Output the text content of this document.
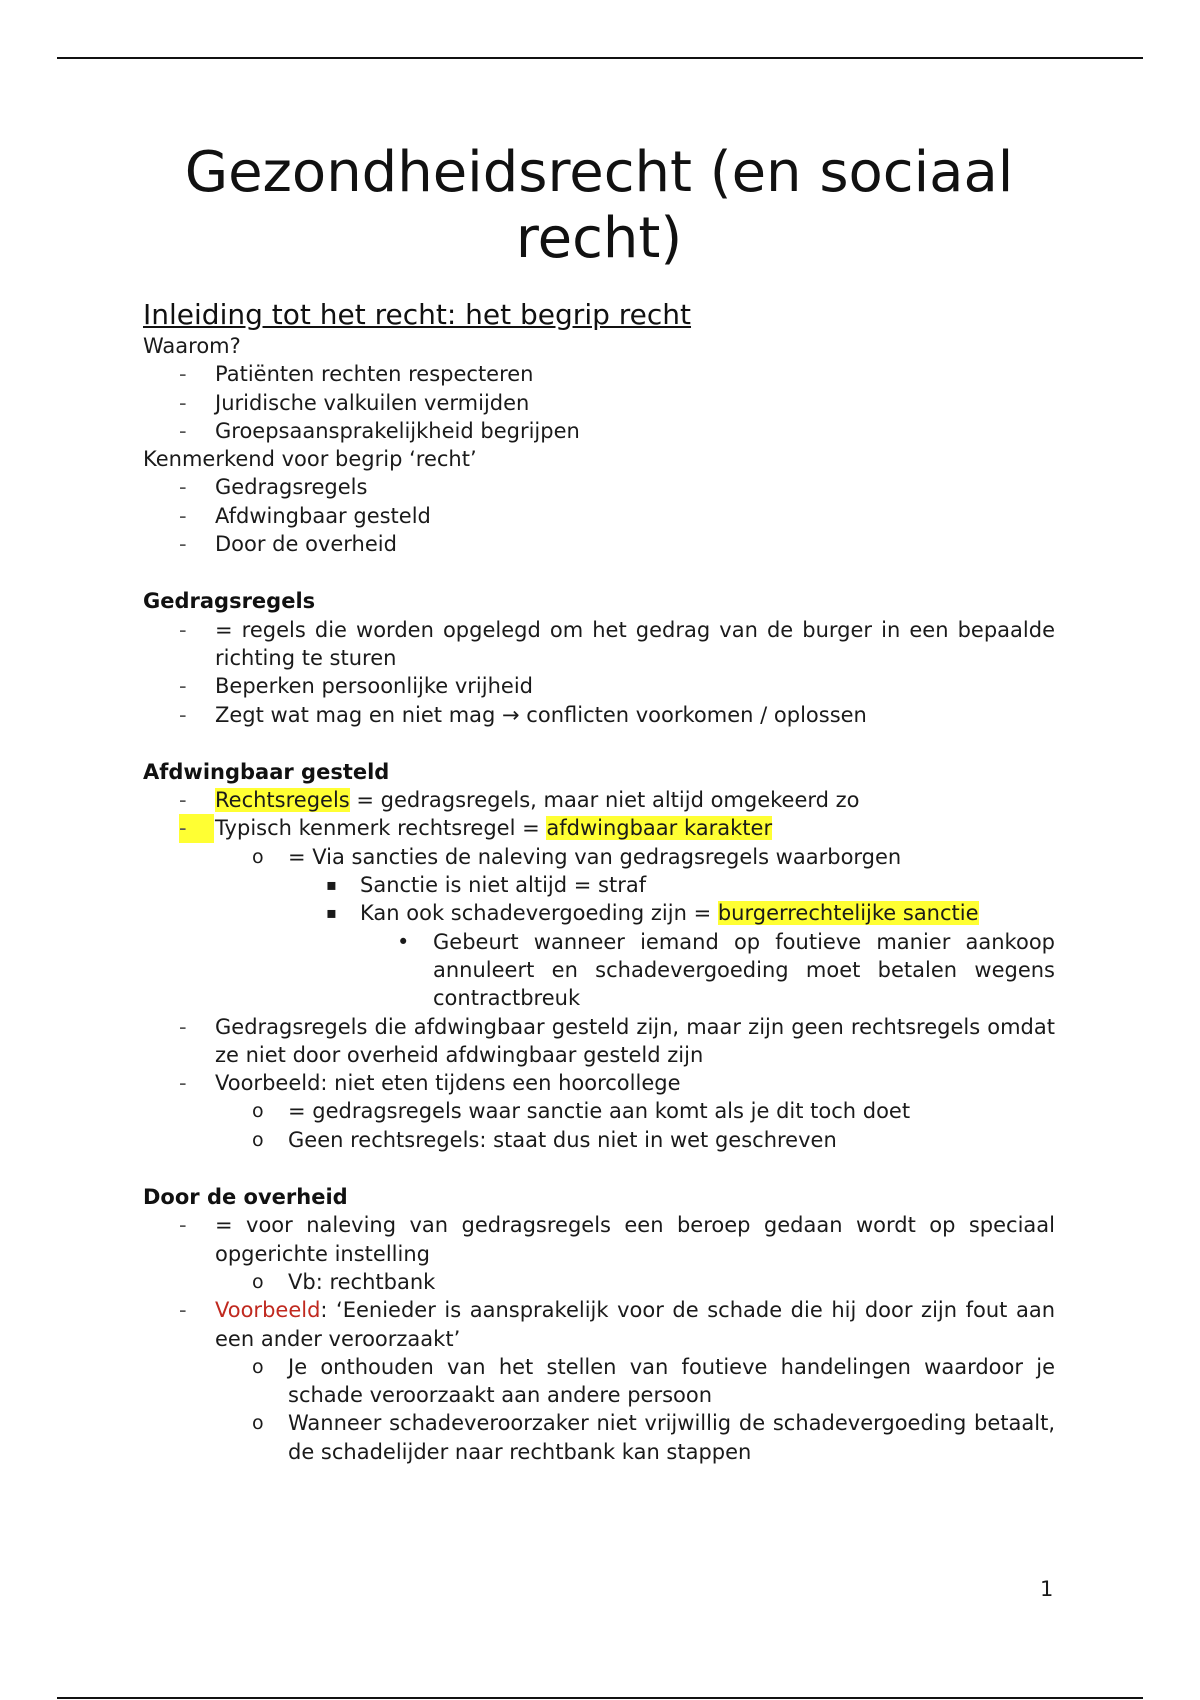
Gezondheidsrecht (en sociaal recht)
Inleiding tot het recht: het begrip recht
Waarom?
- Patiënten rechten respecteren
- Juridische valkuilen vermijden
- Groepsaansprakelijkheid begrijpen
Kenmerkend voor begrip ‘recht’
- Gedragsregels
- Afdwingbaar gesteld
- Door de overheid
Gedragsregels
- = regels die worden opgelegd om het gedrag van de burger in een bepaalde richting te sturen
- Beperken persoonlijke vrijheid
- Zegt wat mag en niet mag → conflicten voorkomen / oplossen
Afdwingbaar gesteld
- Rechtsregels = gedragsregels, maar niet altijd omgekeerd zo
-	Typisch kenmerk rechtsregel = afdwingbaar karakter
o = Via sancties de naleving van gedragsregels waarborgen
▪ Sanctie is niet altijd = straf
▪ Kan ook schadevergoeding zijn = burgerrechtelijke sanctie
• Gebeurt wanneer iemand op foutieve manier aankoop annuleert en schadevergoeding moet betalen wegens contractbreuk
- Gedragsregels die afdwingbaar gesteld zijn, maar zijn geen rechtsregels omdat ze niet door overheid afdwingbaar gesteld zijn
- Voorbeeld: niet eten tijdens een hoorcollege
o = gedragsregels waar sanctie aan komt als je dit toch doet
o Geen rechtsregels: staat dus niet in wet geschreven
Door de overheid
- = voor naleving van gedragsregels een beroep gedaan wordt op speciaal opgerichte instelling
o Vb: rechtbank
- Voorbeeld: ‘Eenieder is aansprakelijk voor de schade die hij door zijn fout aan een ander veroorzaakt’
o Je onthouden van het stellen van foutieve handelingen waardoor je schade veroorzaakt aan andere persoon
o Wanneer schadeveroorzaker niet vrijwillig de schadevergoeding betaalt, de schadelijder naar rechtbank kan stappen
1
